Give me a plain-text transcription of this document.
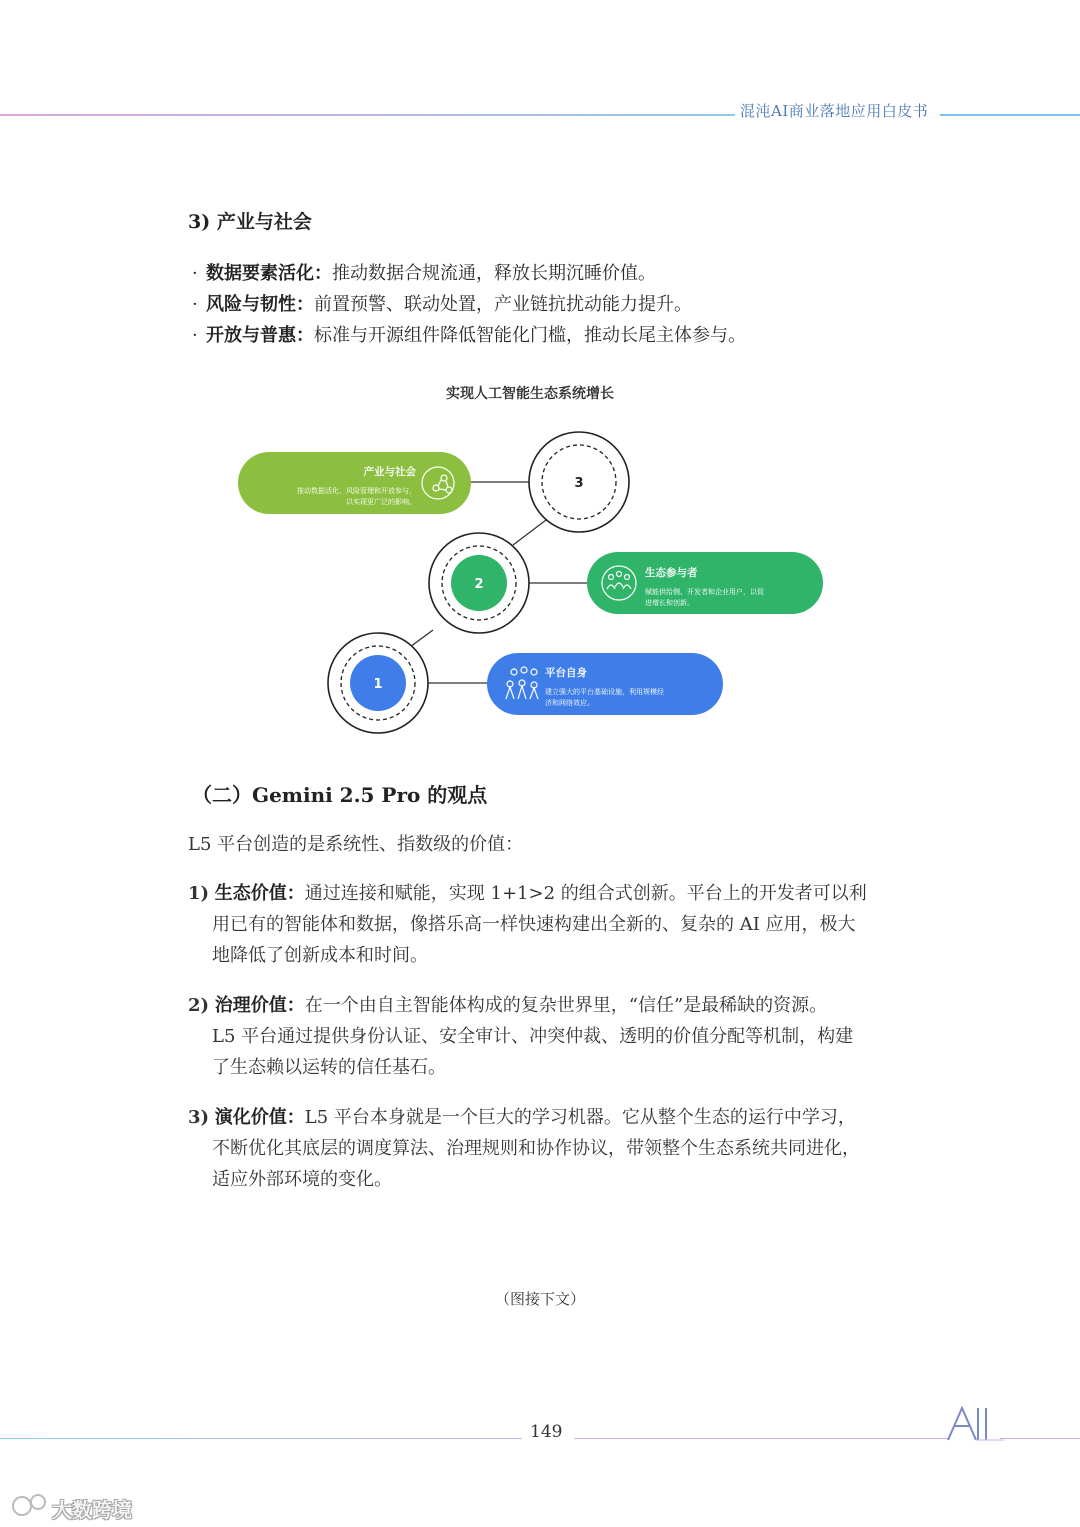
混沌AI商业落地应用白皮书
3) 产业与社会
· 数据要素活化：推动数据合规流通，释放长期沉睡价值。
· 风险与韧性：前置预警、联动处置，产业链抗扰动能力提升。
· 开放与普惠：标准与开源组件降低智能化门槛，推动长尾主体参与。
实现人工智能生态系统增长
1
2
3
平台自身
建立强大的平台基础设施，利用规模经
济和网络效应。
生态参与者
赋能供给侧、开发者和企业用户，以促
进增长和创新。
产业与社会
推动数据活化、风险管理和开放参与，
以实现更广泛的影响。
（二）Gemini 2.5 Pro 的观点
L5 平台创造的是系统性、指数级的价值：
1) 生态价值：通过连接和赋能，实现 1+1>2 的组合式创新。平台上的开发者可以利
用已有的智能体和数据，像搭乐高一样快速构建出全新的、复杂的 AI 应用，极大
地降低了创新成本和时间。
2) 治理价值：在一个由自主智能体构成的复杂世界里，“信任”是最稀缺的资源。
L5 平台通过提供身份认证、安全审计、冲突仲裁、透明的价值分配等机制，构建
了生态赖以运转的信任基石。
3) 演化价值：L5 平台本身就是一个巨大的学习机器。它从整个生态的运行中学习，
不断优化其底层的调度算法、治理规则和协作协议，带领整个生态系统共同进化，
适应外部环境的变化。
（图接下文）
149
AI
大数跨境
